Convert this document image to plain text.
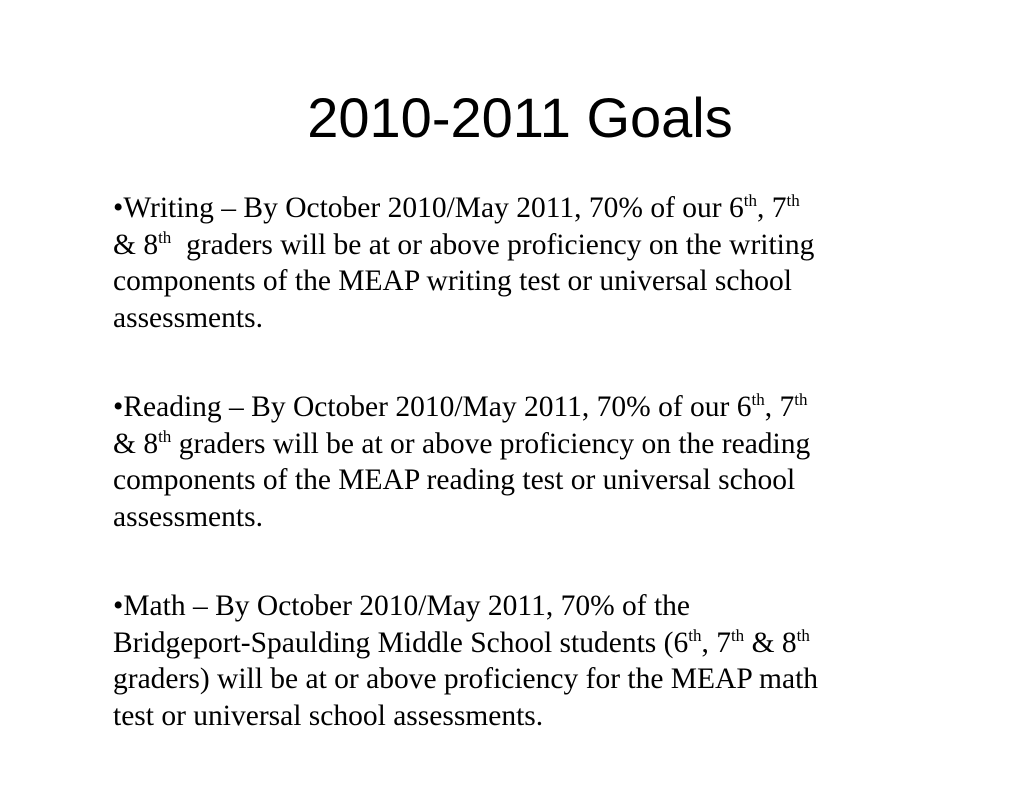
2010-2011 Goals
•Writing – By October 2010/May 2011, 70% of our 6th, 7th
& 8th  graders will be at or above proficiency on the writing
components of the MEAP writing test or universal school
assessments.
•Reading – By October 2010/May 2011, 70% of our 6th, 7th
& 8th graders will be at or above proficiency on the reading
components of the MEAP reading test or universal school
assessments.
•Math – By October 2010/May 2011, 70% of the
Bridgeport-Spaulding Middle School students (6th, 7th & 8th
graders) will be at or above proficiency for the MEAP math
test or universal school assessments.
